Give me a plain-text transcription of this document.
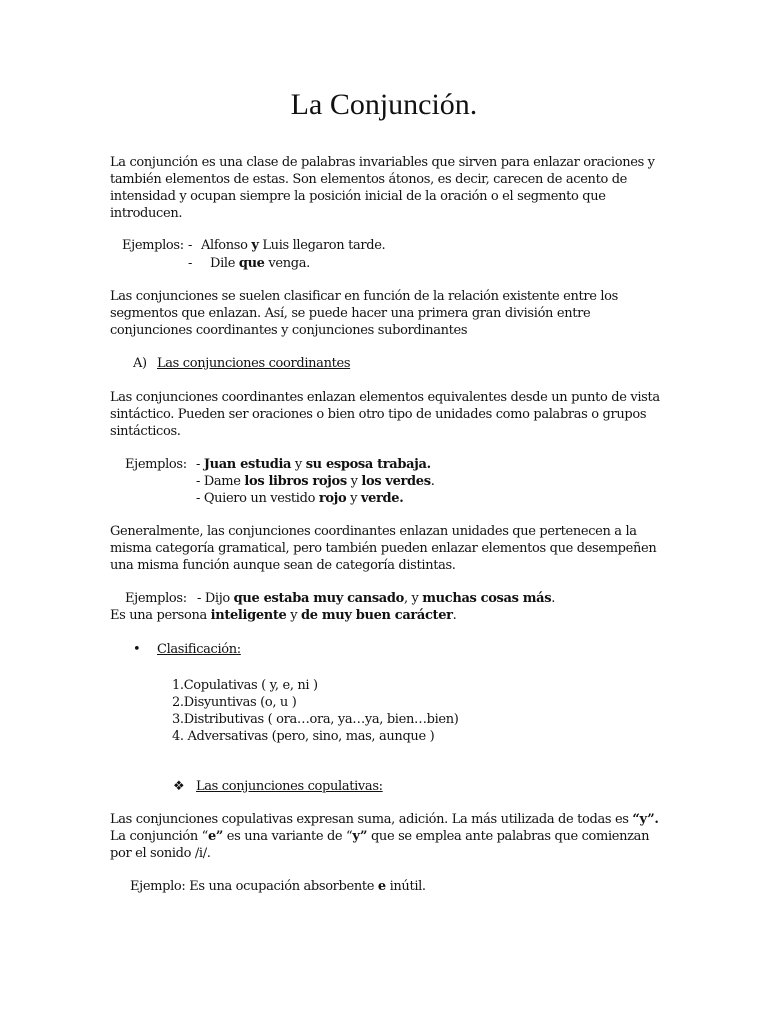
La Conjunción.
La conjunción es una clase de palabras invariables que sirven para enlazar oraciones y
también elementos de estas. Son elementos átonos, es decir, carecen de acento de
intensidad y ocupan siempre la posición inicial de la oración o el segmento que
introducen.
Ejemplos: - Alfonso y Luis llegaron tarde.
- Dile que venga.
Las conjunciones se suelen clasificar en función de la relación existente entre los
segmentos que enlazan. Así, se puede hacer una primera gran división entre
conjunciones coordinantes y conjunciones subordinantes
A) Las conjunciones coordinantes
Las conjunciones coordinantes enlazan elementos equivalentes desde un punto de vista
sintáctico. Pueden ser oraciones o bien otro tipo de unidades como palabras o grupos
sintácticos.
Ejemplos: - Juan estudia y su esposa trabaja.
- Dame los libros rojos y los verdes.
- Quiero un vestido rojo y verde.
Generalmente, las conjunciones coordinantes enlazan unidades que pertenecen a la
misma categoría gramatical, pero también pueden enlazar elementos que desempeñen
una misma función aunque sean de categoría distintas.
Ejemplos: - Dijo que estaba muy cansado, y muchas cosas más.
Es una persona inteligente y de muy buen carácter.
• Clasificación:
1.Copulativas ( y, e, ni )
2.Disyuntivas (o, u )
3.Distributivas ( ora…ora, ya…ya, bien…bien)
4. Adversativas (pero, sino, mas, aunque )
❖ Las conjunciones copulativas:
Las conjunciones copulativas expresan suma, adición. La más utilizada de todas es “y”.
La conjunción “e” es una variante de “y” que se emplea ante palabras que comienzan
por el sonido /i/.
Ejemplo: Es una ocupación absorbente e inútil.
